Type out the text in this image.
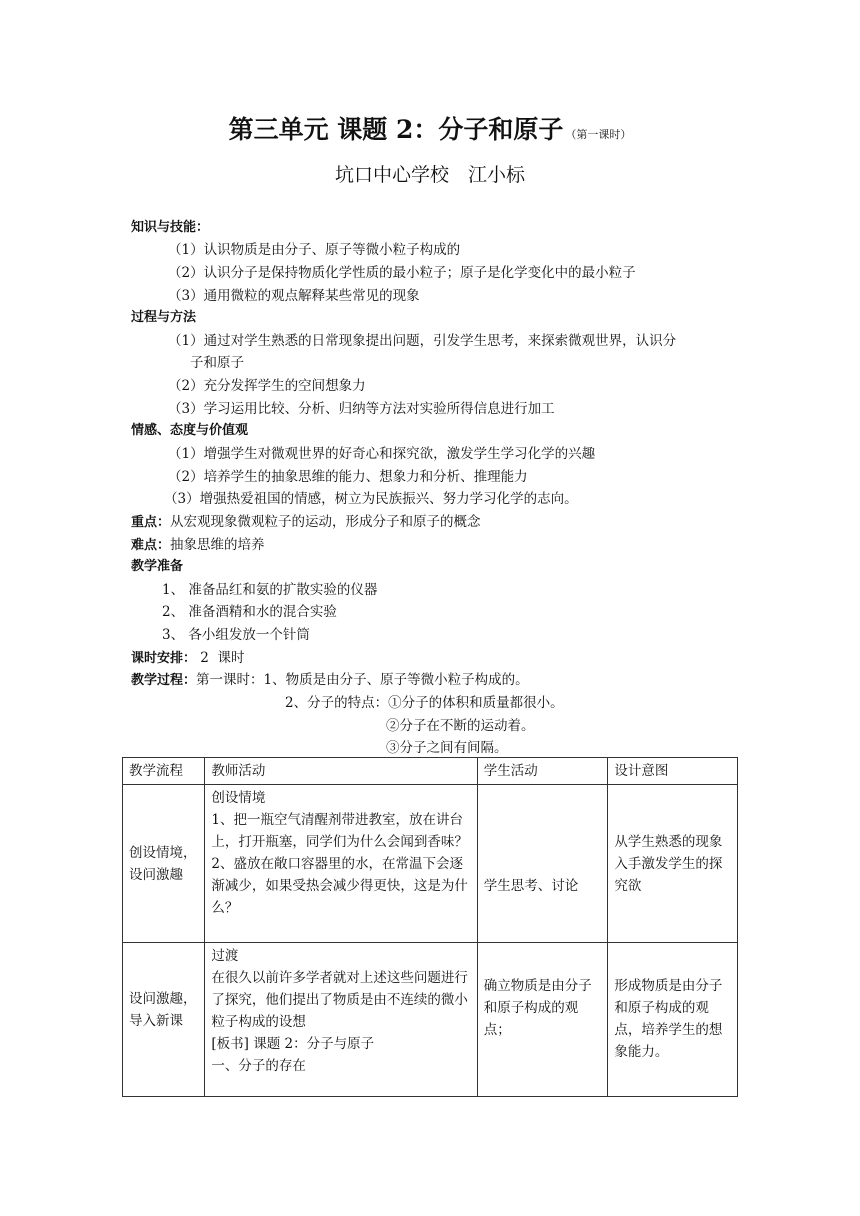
第三单元 课题 2：分子和原子 （第一课时）
坑口中心学校　江小标
知识与技能：
（1）认识物质是由分子、原子等微小粒子构成的
（2）认识分子是保持物质化学性质的最小粒子；原子是化学变化中的最小粒子
（3）通用微粒的观点解释某些常见的现象
过程与方法
（1）通过对学生熟悉的日常现象提出问题，引发学生思考，来探索微观世界，认识分
子和原子
（2）充分发挥学生的空间想象力
（3）学习运用比较、分析、归纳等方法对实验所得信息进行加工
情感、态度与价值观
（1）增强学生对微观世界的好奇心和探究欲，激发学生学习化学的兴趣
（2）培养学生的抽象思维的能力、想象力和分析、推理能力
（3）增强热爱祖国的情感，树立为民族振兴、努力学习化学的志向。
重点：从宏观现象微观粒子的运动，形成分子和原子的概念
难点：抽象思维的培养
教学准备
1、 准备品红和氨的扩散实验的仪器
2、 准备酒精和水的混合实验
3、 各小组发放一个针筒
课时安排： 2  课时
教学过程：第一课时：1、物质是由分子、原子等微小粒子构成的。
2、分子的特点：①分子的体积和质量都很小。
②分子在不断的运动着。
③分子之间有间隔。
教学流程	教师活动	学生活动	设计意图
创设情境，设问激趣	创设情境
1、把一瓶空气清醒剂带进教室，放在讲台上，打开瓶塞，同学们为什么会闻到香味？
2、盛放在敞口容器里的水，在常温下会逐渐减少，如果受热会减少得更快，这是为什么？	学生思考、讨论	从学生熟悉的现象入手激发学生的探究欲

设问激趣，导入新课	过渡
在很久以前许多学者就对上述这些问题进行了探究，他们提出了物质是由不连续的微小粒子构成的设想
[板书] 课题 2：分子与原子
一、分子的存在	确立物质是由分子和原子构成的观点；	形成物质是由分子和原子构成的观点，培养学生的想象能力。
